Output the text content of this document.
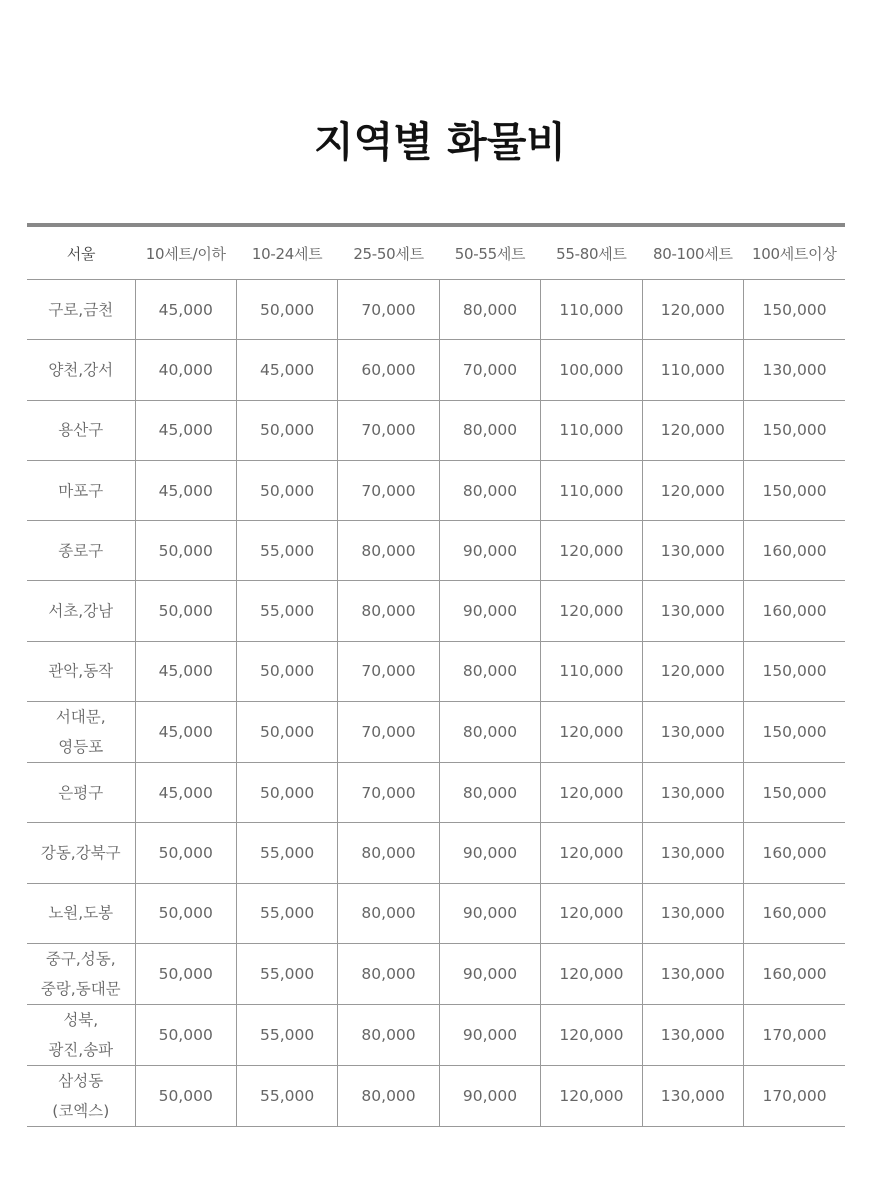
지역별 화물비
서울	10세트/이하	10-24세트	25-50세트	50-55세트	55-80세트	80-100세트	100세트이상

구로,금천	45,000	50,000	70,000	80,000	110,000	120,000	150,000

양천,강서	40,000	45,000	60,000	70,000	100,000	110,000	130,000

용산구	45,000	50,000	70,000	80,000	110,000	120,000	150,000

마포구	45,000	50,000	70,000	80,000	110,000	120,000	150,000

종로구	50,000	55,000	80,000	90,000	120,000	130,000	160,000

서초,강남	50,000	55,000	80,000	90,000	120,000	130,000	160,000

관악,동작	45,000	50,000	70,000	80,000	110,000	120,000	150,000

서대문,
영등포	45,000	50,000	70,000	80,000	120,000	130,000	150,000

은평구	45,000	50,000	70,000	80,000	120,000	130,000	150,000

강동,강북구	50,000	55,000	80,000	90,000	120,000	130,000	160,000

노원,도봉	50,000	55,000	80,000	90,000	120,000	130,000	160,000

중구,성동,
중랑,동대문	50,000	55,000	80,000	90,000	120,000	130,000	160,000

성북,
광진,송파	50,000	55,000	80,000	90,000	120,000	130,000	170,000

삼성동
(코엑스)	50,000	55,000	80,000	90,000	120,000	130,000	170,000
